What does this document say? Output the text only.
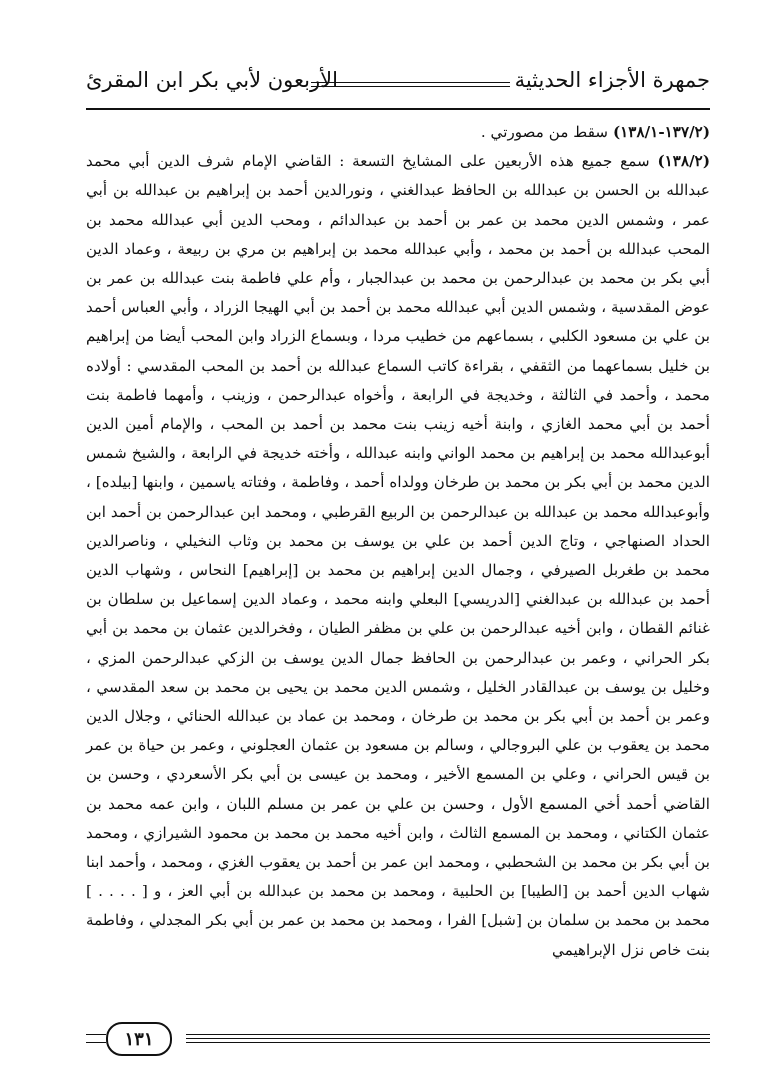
جمهرة الأجزاء الحديثية
الأربعون لأبي بكر ابن المقرئ

(١٣٧/٢-١٣٨/١) سقط من مصورتي .

(١٣٨/٢) سمع جميع هذه الأربعين على المشايخ التسعة : القاضي الإمام شرف الدين أبي محمد عبدالله بن الحسن بن عبدالله بن الحافظ عبدالغني ، ونورالدين أحمد بن إبراهيم بن عبدالله بن أبي عمر ، وشمس الدين محمد بن عمر بن أحمد بن عبدالدائم ، ومحب الدين أبي عبدالله محمد بن المحب عبدالله بن أحمد بن محمد ، وأبي عبدالله محمد بن إبراهيم بن مري بن ربيعة ، وعماد الدين أبي بكر بن محمد بن عبدالرحمن بن محمد بن عبدالجبار ، وأم علي فاطمة بنت عبدالله بن عمر بن عوض المقدسية ، وشمس الدين أبي عبدالله محمد بن أحمد بن أبي الهيجا الزراد ، وأبي العباس أحمد بن علي بن مسعود الكلبي ، بسماعهم من خطيب مردا ، وبسماع الزراد وابن المحب أيضا من إبراهيم بن خليل بسماعهما من الثقفي ، بقراءة كاتب السماع عبدالله بن أحمد بن المحب المقدسي : أولاده محمد ، وأحمد في الثالثة ، وخديجة في الرابعة ، وأخواه عبدالرحمن ، وزينب ، وأمهما فاطمة بنت أحمد بن أبي محمد الغازي ، وابنة أخيه زينب بنت محمد بن أحمد بن المحب ، والإمام أمين الدين أبوعبدالله محمد بن إبراهيم بن محمد الواني وابنه عبدالله ، وأخته خديجة في الرابعة ، والشيخ شمس الدين محمد بن أبي بكر بن محمد بن طرخان وولداه أحمد ، وفاطمة ، وفتاته ياسمين ، وابنها [بيلده] ، وأبوعبدالله محمد بن عبدالله بن عبدالرحمن بن الربيع القرطبي ، ومحمد ابن عبدالرحمن بن أحمد ابن الحداد الصنهاجي ، وتاج الدين أحمد بن علي بن يوسف بن محمد بن وثاب النخيلي ، وناصرالدين محمد بن طغربل الصيرفي ، وجمال الدين إبراهيم بن محمد بن [إبراهيم] النحاس ، وشهاب الدين أحمد بن عبدالله بن عبدالغني [الدريسي] البعلي وابنه محمد ، وعماد الدين إسماعيل بن سلطان بن غنائم القطان ، وابن أخيه عبدالرحمن بن علي بن مظفر الطيان ، وفخرالدين عثمان بن محمد بن أبي بكر الحراني ، وعمر بن عبدالرحمن بن الحافظ جمال الدين يوسف بن الزكي عبدالرحمن المزي ، وخليل بن يوسف بن عبدالقادر الخليل ، وشمس الدين محمد بن يحيى بن محمد بن سعد المقدسي ، وعمر بن أحمد بن أبي بكر بن محمد بن طرخان ، ومحمد بن عماد بن عبدالله الحنائي ، وجلال الدين محمد بن يعقوب بن علي البروجالي ، وسالم بن مسعود بن عثمان العجلوني ، وعمر بن حياة بن عمر بن قيس الحراني ، وعلي بن المسمع الأخير ، ومحمد بن عيسى بن أبي بكر الأسعردي ، وحسن بن القاضي أحمد أخي المسمع الأول ، وحسن بن علي بن عمر بن مسلم اللبان ، وابن عمه محمد بن عثمان الكتاني ، ومحمد بن المسمع الثالث ، وابن أخيه محمد بن محمد بن محمود الشيرازي ، ومحمد بن أبي بكر بن محمد بن الشحطبي ، ومحمد ابن عمر بن أحمد بن يعقوب الغزي ، ومحمد ، وأحمد ابنا شهاب الدين أحمد بن [الطيبا] بن الحلبية ، ومحمد بن محمد بن عبدالله بن أبي العز ، و [ . . . . ] محمد بن محمد بن سلمان بن [شبل] الفرا ، ومحمد بن محمد بن عمر بن أبي بكر المجدلي ، وفاطمة بنت خاص نزل الإبراهيمي

١٣١
